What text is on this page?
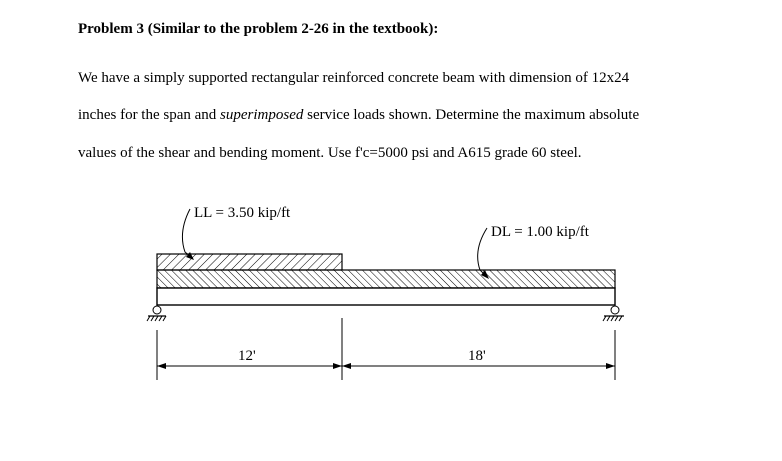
Problem 3 (Similar to the problem 2-26 in the textbook):
We have a simply supported rectangular reinforced concrete beam with dimension of 12x24
inches for the span and superimposed service loads shown. Determine the maximum absolute
values of the shear and bending moment. Use f'c=5000 psi and A615 grade 60 steel.
LL = 3.50 kip/ft
DL = 1.00 kip/ft
12'	18'
